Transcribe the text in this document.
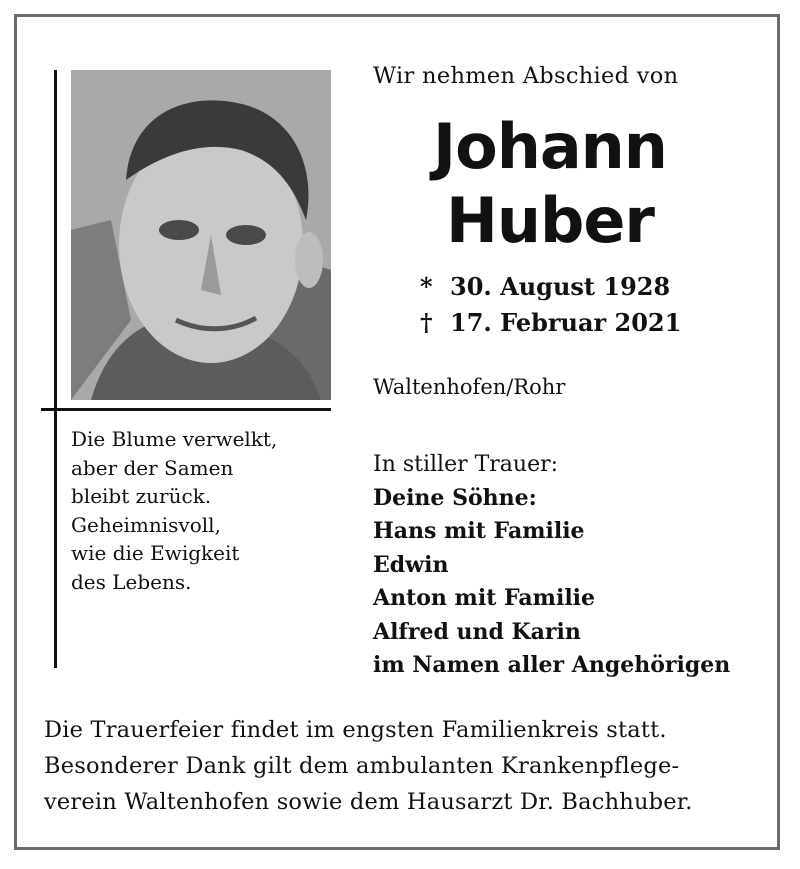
Die Blume verwelkt,
aber der Samen
bleibt zurück.
Geheimnisvoll,
wie die Ewigkeit
des Lebens.
Wir nehmen Abschied von
Johann
Huber
* 30. August 1928
† 17. Februar 2021
Waltenhofen/Rohr
In stiller Trauer:
Deine Söhne:
Hans mit Familie
Edwin
Anton mit Familie
Alfred und Karin
im Namen aller Angehörigen
Die Trauerfeier findet im engsten Familienkreis statt.
Besonderer Dank gilt dem ambulanten Krankenpflege-
verein Waltenhofen sowie dem Hausarzt Dr. Bachhuber.
